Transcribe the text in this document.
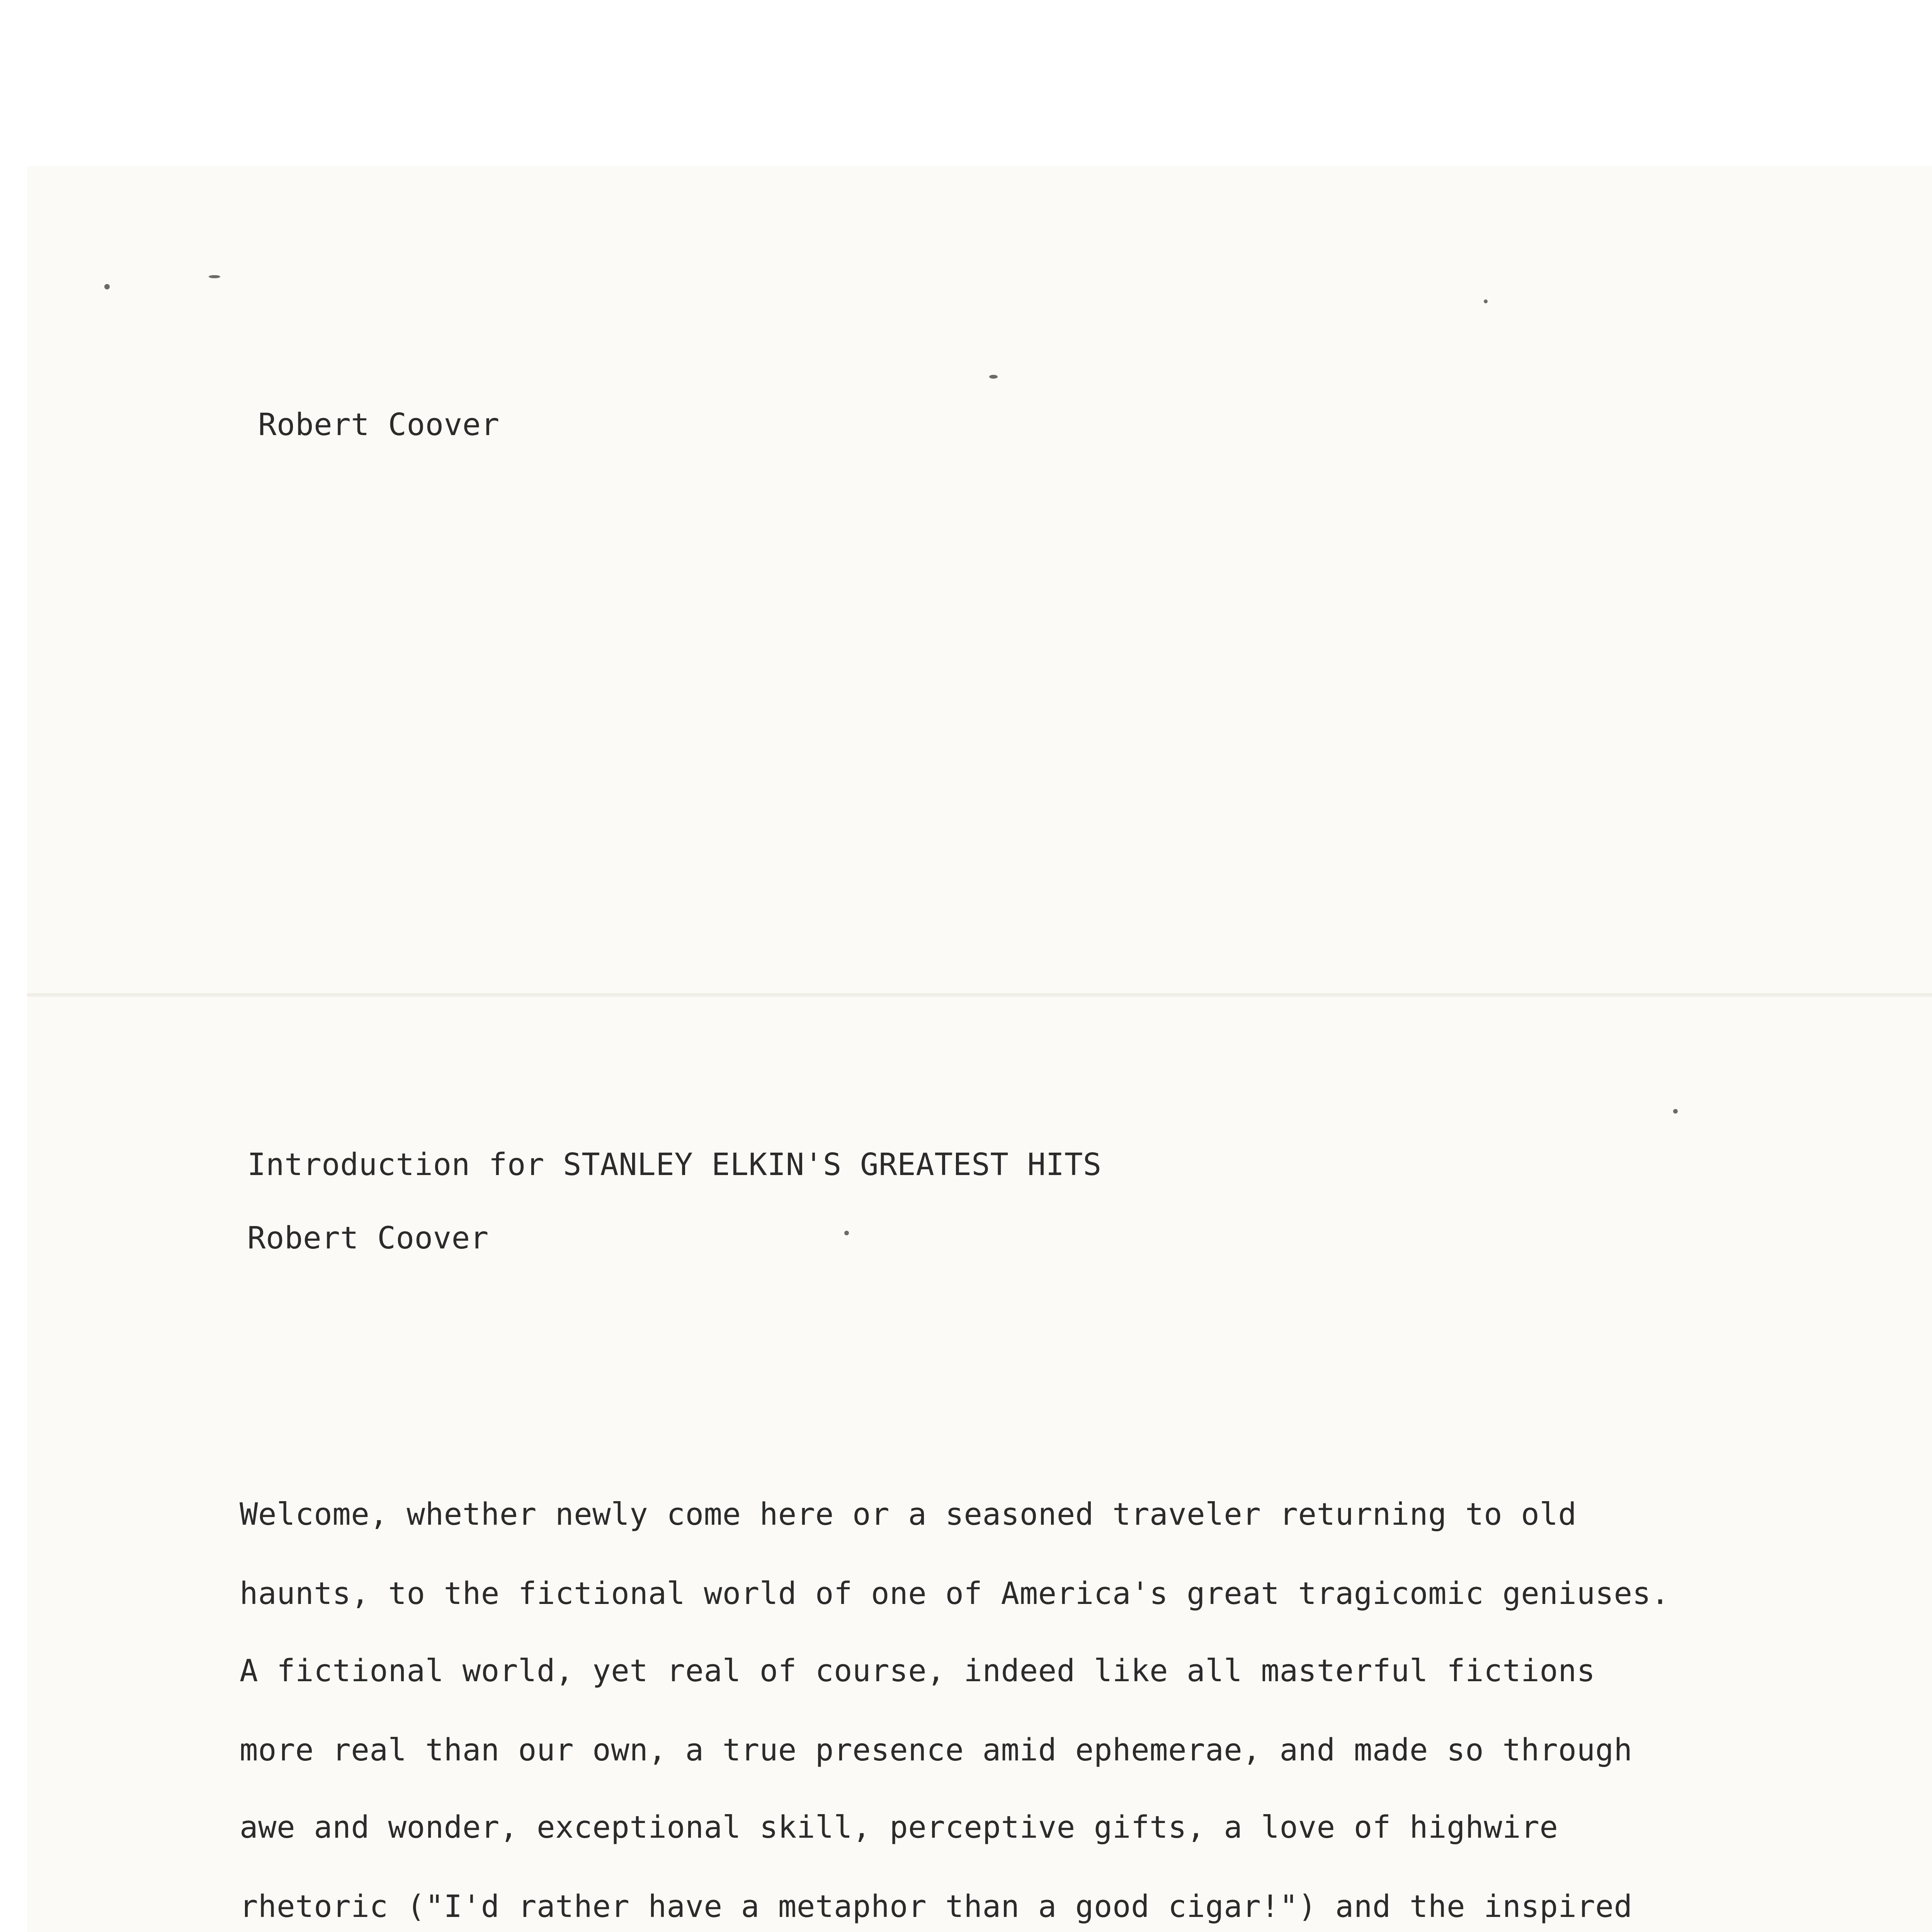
Robert Coover
Introduction for STANLEY ELKIN'S GREATEST HITS
Robert Coover
Welcome, whether newly come here or a seasoned traveler returning to old
haunts, to the fictional world of one of America's great tragicomic geniuses.
A fictional world, yet real of course, indeed like all masterful fictions
more real than our own, a true presence amid ephemerae, and made so through
awe and wonder, exceptional skill, perceptive gifts, a love of highwire
rhetoric ("I'd rather have a metaphor than a good cigar!") and the inspired
